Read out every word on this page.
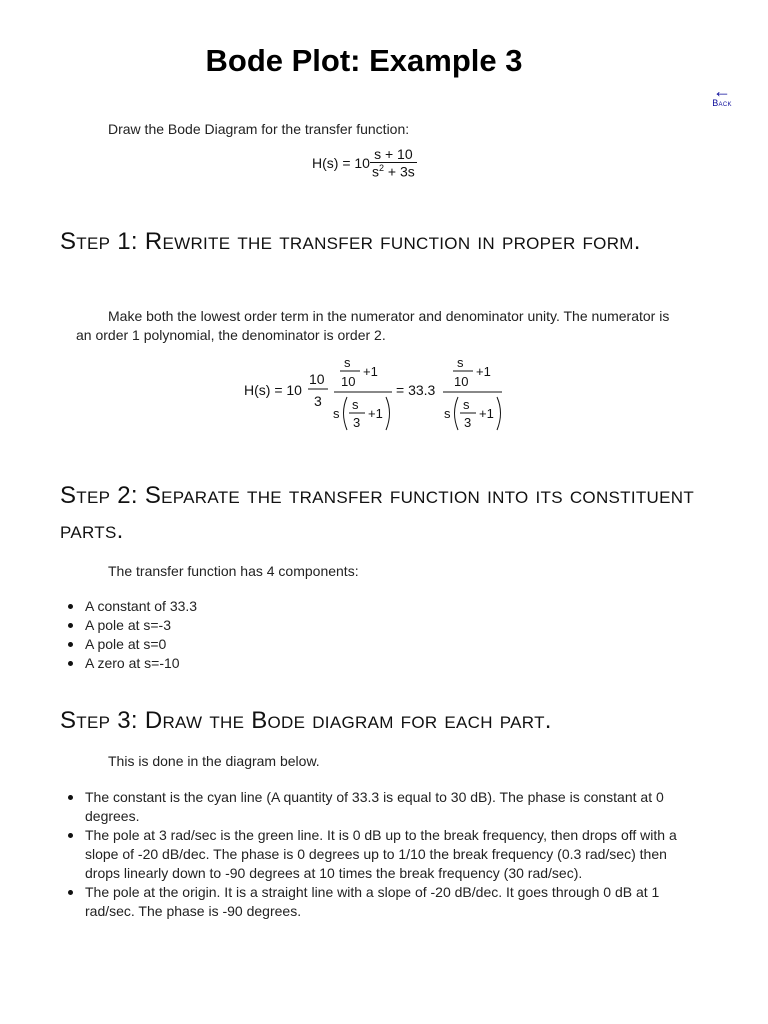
Bode Plot: Example 3
←
Back
Draw the Bode Diagram for the transfer function:
$H(s) = 10 \frac{s + 10}{s^2 + 3s}$
Step 1: Rewrite the transfer function in proper form.
Make both the lowest order term in the numerator and denominator unity. The numerator is an order 1 polynomial, the denominator is order 2.
H(s) = 10
10
3
s
10
+1
s
s
3
+1
= 33.3
s
10
+1
s
s
3
+1
Step 2: Separate the transfer function into its constituent parts.
The transfer function has 4 components:
A constant of 33.3
A pole at s=-3
A pole at s=0
A zero at s=-10
Step 3: Draw the Bode diagram for each part.
This is done in the diagram below.
The constant is the cyan line (A quantity of 33.3 is equal to 30 dB). The phase is constant at 0 degrees.
The pole at 3 rad/sec is the green line. It is 0 dB up to the break frequency, then drops off with a slope of -20 dB/dec. The phase is 0 degrees up to 1/10 the break frequency (0.3 rad/sec) then drops linearly down to -90 degrees at 10 times the break frequency (30 rad/sec).
The pole at the origin. It is a straight line with a slope of -20 dB/dec. It goes through 0 dB at 1 rad/sec. The phase is -90 degrees.
